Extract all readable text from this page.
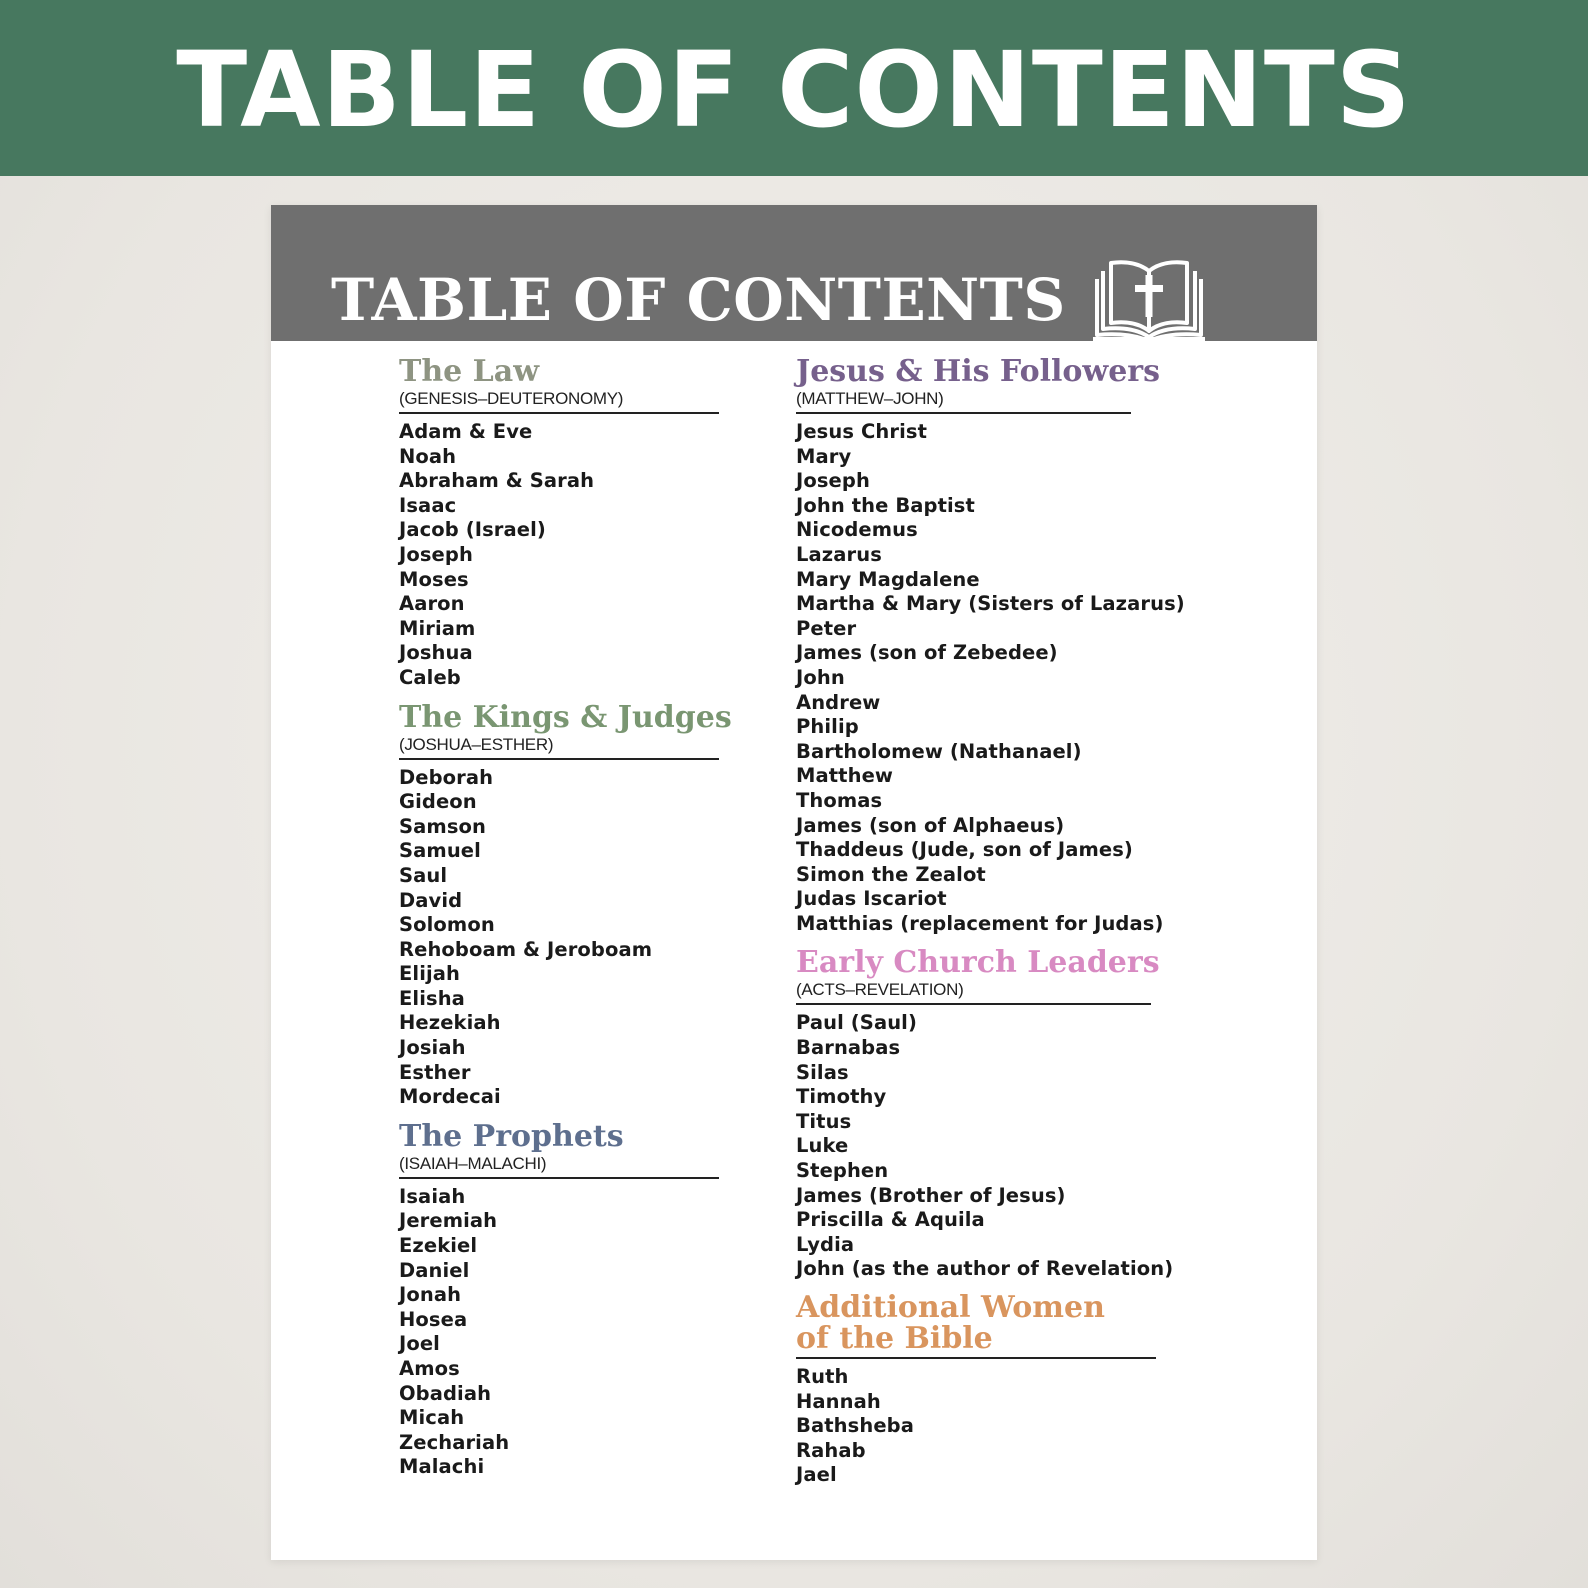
TABLE OF CONTENTS
TABLE OF CONTENTS
The Law
(GENESIS–DEUTERONOMY)
Adam & Eve
Noah
Abraham & Sarah
Isaac
Jacob (Israel)
Joseph
Moses
Aaron
Miriam
Joshua
Caleb
The Kings & Judges
(JOSHUA–ESTHER)
Deborah
Gideon
Samson
Samuel
Saul
David
Solomon
Rehoboam & Jeroboam
Elijah
Elisha
Hezekiah
Josiah
Esther
Mordecai
The Prophets
(ISAIAH–MALACHI)
Isaiah
Jeremiah
Ezekiel
Daniel
Jonah
Hosea
Joel
Amos
Obadiah
Micah
Zechariah
Malachi
Jesus & His Followers
(MATTHEW–JOHN)
Jesus Christ
Mary
Joseph
John the Baptist
Nicodemus
Lazarus
Mary Magdalene
Martha & Mary (Sisters of Lazarus)
Peter
James (son of Zebedee)
John
Andrew
Philip
Bartholomew (Nathanael)
Matthew
Thomas
James (son of Alphaeus)
Thaddeus (Jude, son of James)
Simon the Zealot
Judas Iscariot
Matthias (replacement for Judas)
Early Church Leaders
(ACTS–REVELATION)
Paul (Saul)
Barnabas
Silas
Timothy
Titus
Luke
Stephen
James (Brother of Jesus)
Priscilla & Aquila
Lydia
John (as the author of Revelation)
Additional Women
of the Bible
Ruth
Hannah
Bathsheba
Rahab
Jael
